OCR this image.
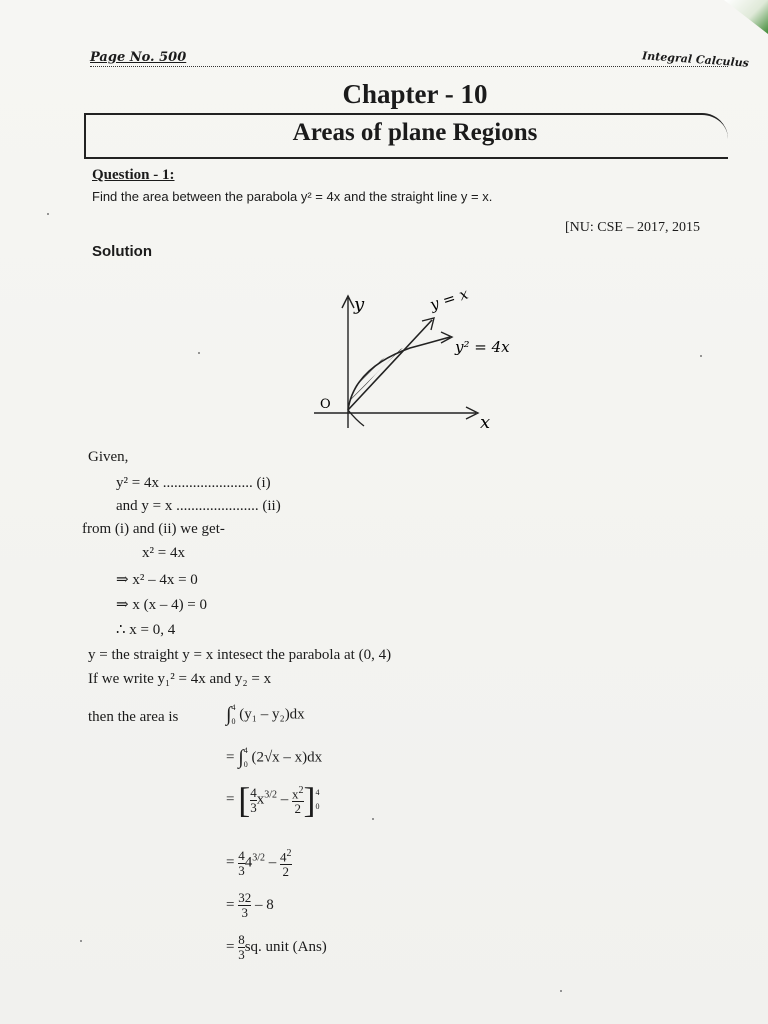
Page No. 500	Integral Calculus
Chapter - 10
Areas of plane Regions
Question - 1:
Find the area between the parabola y² = 4x and the straight line y = x.
[NU: CSE – 2017, 2015
Solution
y
x
O
y = x
y² = 4x
Given,
y² = 4x ........................ (i)
and y = x ...................... (ii)
from (i) and (ii) we get-
x² = 4x
⇒ x² – 4x = 0
⇒ x (x – 4) = 0
∴ x = 0, 4
y = the straight y = x intesect the parabola at (0, 4)
If we write y₁² = 4x and y₂ = x
then the area is ∫4
0 (y₁ – y₂)dx
= ∫4
0 (2√x – x)dx
= [ $\frac{4}{3} x^{3/2} - \frac{x^2}{2} ]4$
0
= $\frac{4}{3} 4^{3/2} - \frac{4^2}{2}$
= $\frac{32}{3} - 8$
= $\frac{8}{3}$ sq. unit (Ans)
